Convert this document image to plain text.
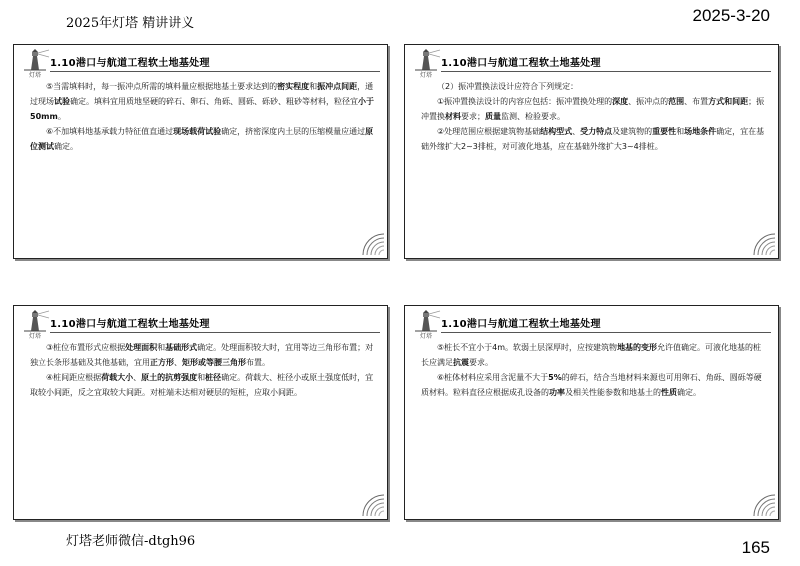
2025年灯塔 精讲讲义	2025-3-20
灯塔
1.10港口与航道工程软土地基处理

⑤当需填料时，每一振冲点所需的填料量应根据地基土要求达到的密实程度和振冲点间距，通过现场试验确定。填料宜用质地坚硬的碎石、卵石、角砾、圆砾、砾砂、粗砂等材料，粒径宜小于50mm。

⑥不加填料地基承载力特征值直通过现场载荷试验确定，挤密深度内土层的压缩模量应通过原位测试确定。

灯塔
1.10港口与航道工程软土地基处理

（2）振冲置换法设计应符合下列规定：

①振冲置换法设计的内容应包括：振冲置换处理的深度、振冲点的范围、布置方式和间距；振冲置换材料要求；质量监测、检验要求。

②处理范围应根据建筑物基础结构型式、受力特点及建筑物的重要性和场地条件确定，宜在基础外缘扩大2~3排桩，对可液化地基，应在基础外缘扩大3~4排桩。

灯塔
1.10港口与航道工程软土地基处理

③桩位布置形式应根据处理面积和基础形式确定。处理面积较大时，宜用等边三角形布置；对独立长条形基础及其他基础，宜用正方形、矩形或等腰三角形布置。

④桩间距应根据荷载大小、原土的抗剪强度和桩径确定。荷载大、桩径小或原土强度低时，宜取较小间距，反之宜取较大间距。对桩端未达相对硬层的短桩，应取小间距。

灯塔
1.10港口与航道工程软土地基处理

⑤桩长不宜小于4m。软弱土层深厚时，应按建筑物地基的变形允许值确定。可液化地基的桩长应满足抗震要求。

⑥桩体材料应采用含泥量不大于5%的碎石，结合当地材料来源也可用卵石、角砾、圆砾等硬质材料。粒料直径应根据成孔设备的功率及相关性能参数和地基土的性质确定。

灯塔老师微信-dtgh96	165
